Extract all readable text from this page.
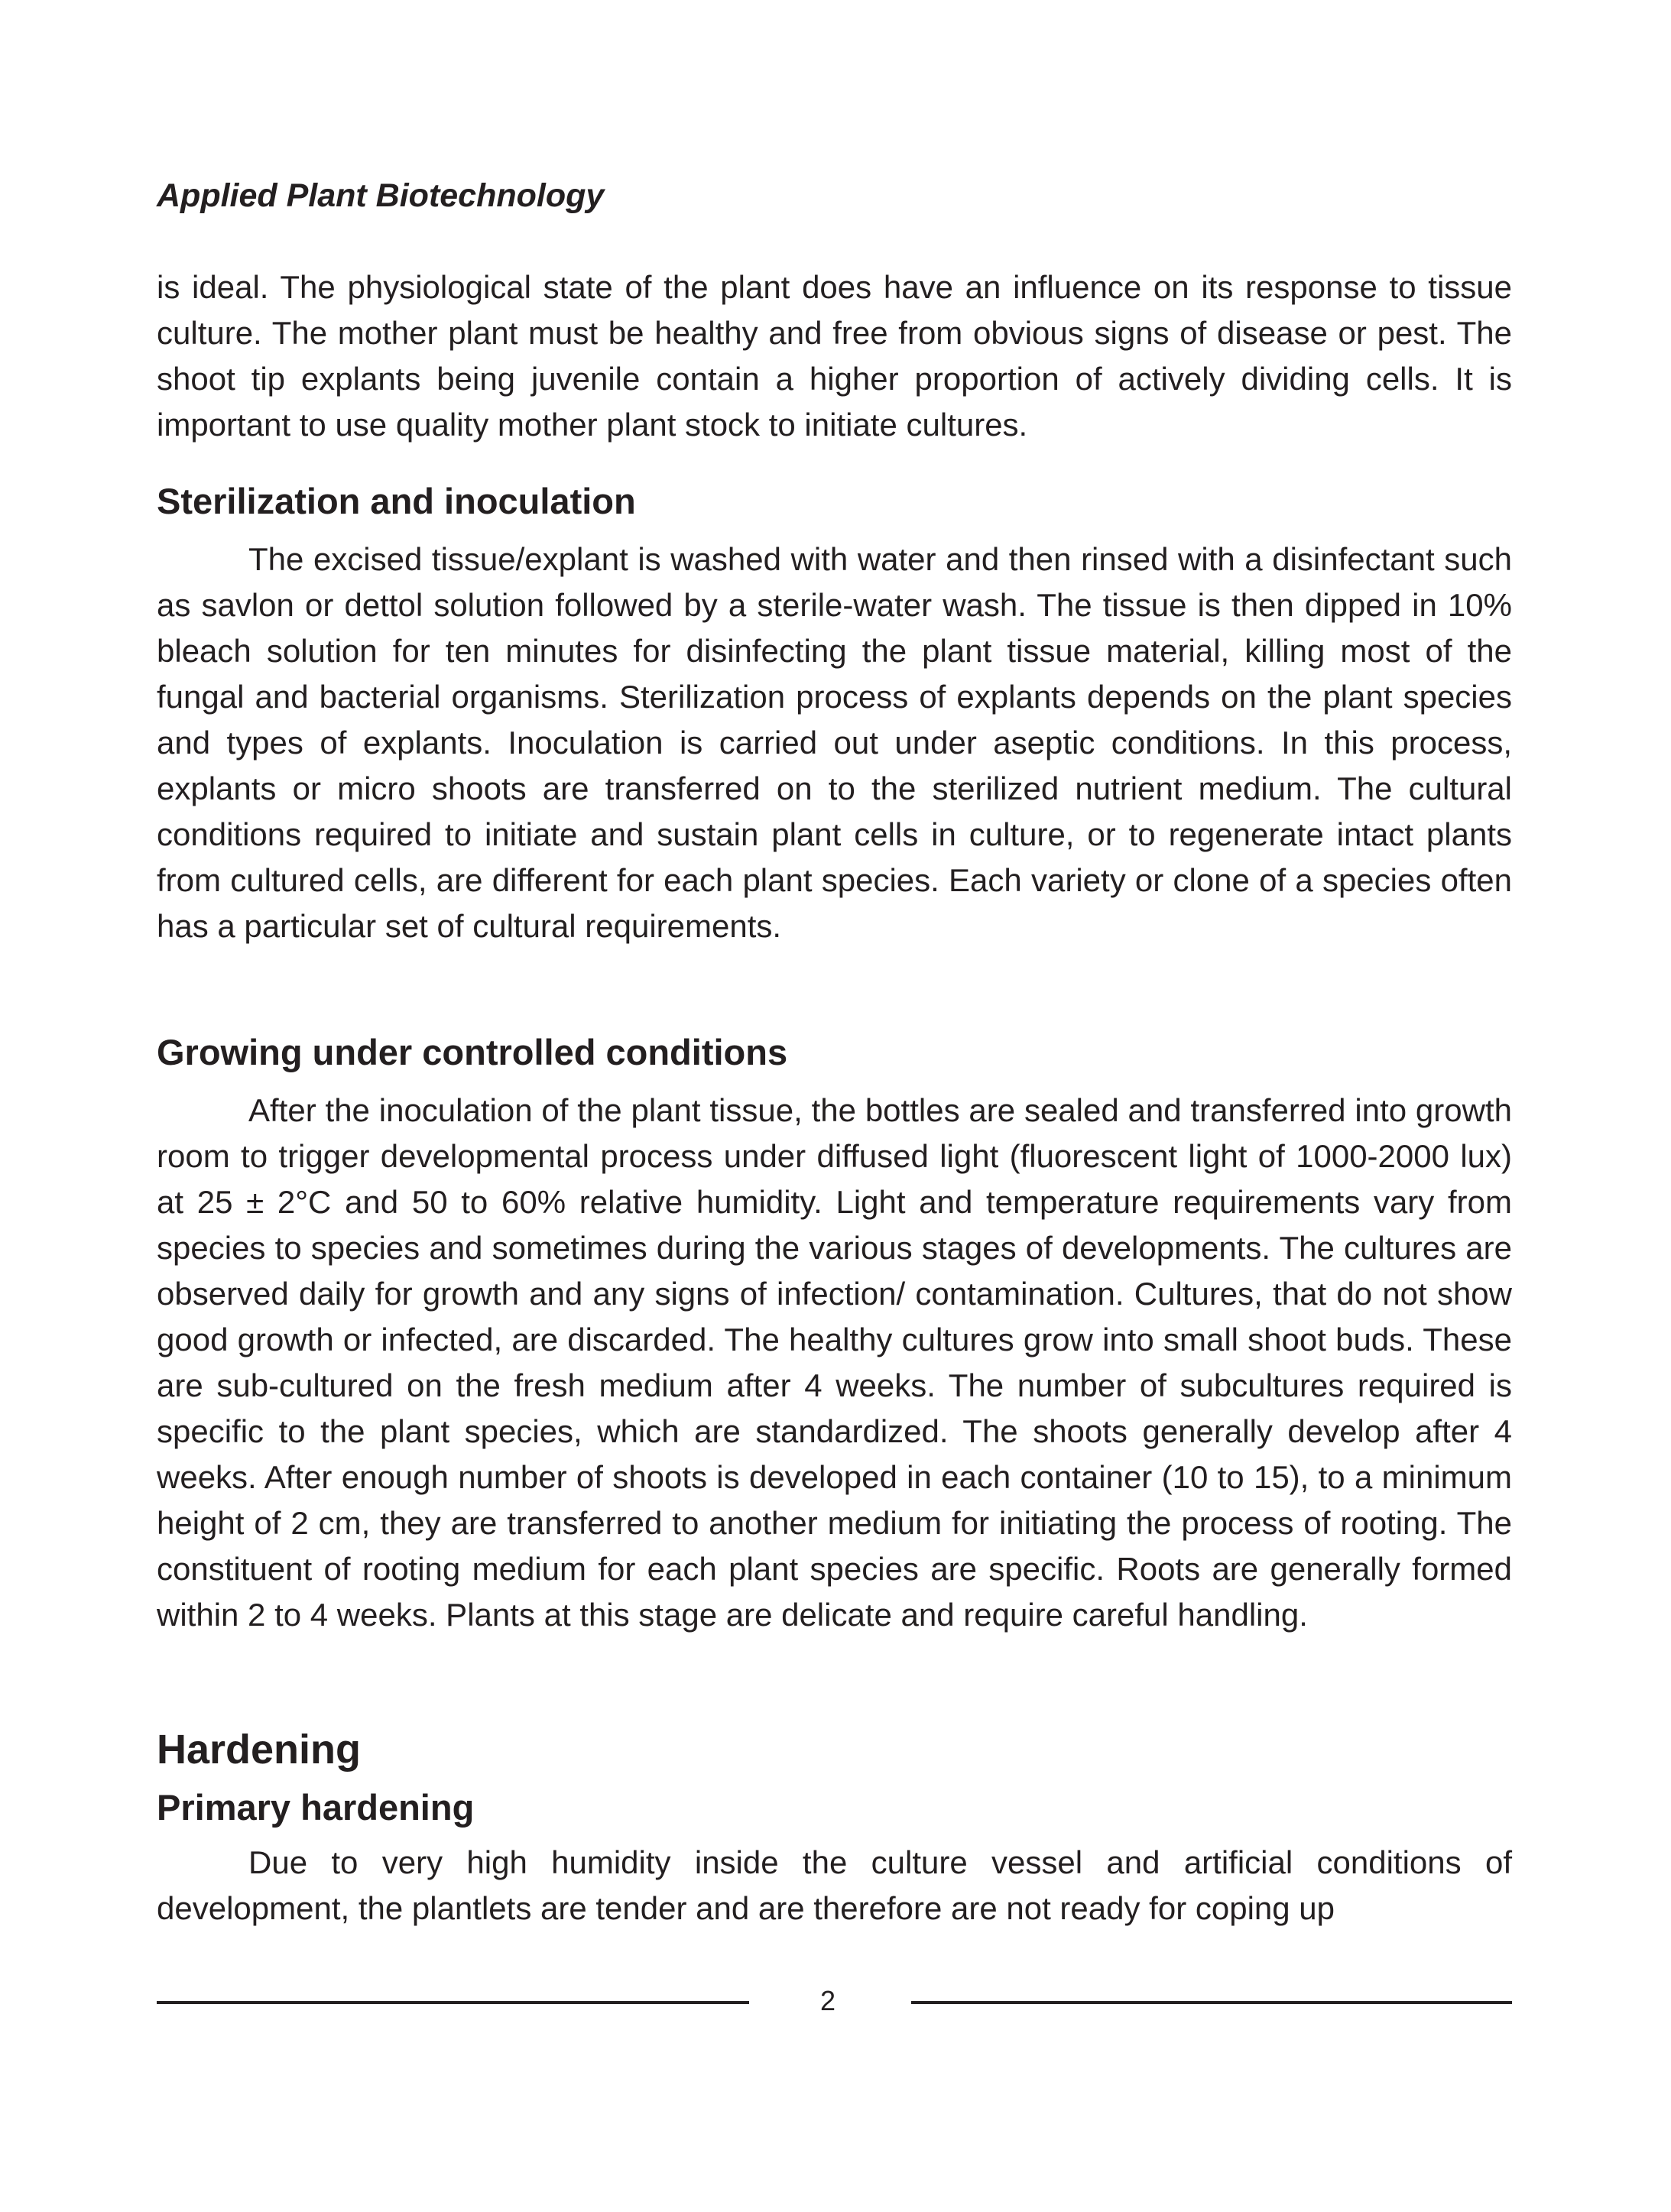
Applied Plant Biotechnology

is ideal. The physiological state of the plant does have an influence on its response to tissue culture. The mother plant must be healthy and free from obvious signs of disease or pest. The shoot tip explants being juvenile contain a higher proportion of actively dividing cells. It is important to use quality mother plant stock to initiate cultures.

Sterilization and inoculation

The excised tissue/explant is washed with water and then rinsed with a disinfectant such as savlon or dettol solution followed by a sterile-water wash. The tissue is then dipped in 10% bleach solution for ten minutes for disinfecting the plant tissue material, killing most of the fungal and bacterial organisms. Sterilization process of explants depends on the plant species and types of explants. Inoculation is carried out under aseptic conditions. In this process, explants or micro shoots are transferred on to the sterilized nutrient medium. The cultural conditions required to initiate and sustain plant cells in culture, or to regenerate intact plants from cultured cells, are different for each plant species. Each variety or clone of a species often has a particular set of cultural requirements.

Growing under controlled conditions

After the inoculation of the plant tissue, the bottles are sealed and transferred into growth room to trigger developmental process under diffused light (fluorescent light of 1000-2000 lux) at 25 ± 2°C and 50 to 60% relative humidity. Light and temperature requirements vary from species to species and sometimes during the various stages of developments. The cultures are observed daily for growth and any signs of infection/ contamination. Cultures, that do not show good growth or infected, are discarded. The healthy cultures grow into small shoot buds. These are sub-cultured on the fresh medium after 4 weeks. The number of subcultures required is specific to the plant species, which are standardized. The shoots generally develop after 4 weeks. After enough number of shoots is developed in each container (10 to 15), to a minimum height of 2 cm, they are transferred to another medium for initiating the process of rooting. The constituent of rooting medium for each plant species are specific. Roots are generally formed within 2 to 4 weeks. Plants at this stage are delicate and require careful handling.

Hardening
Primary hardening

Due to very high humidity inside the culture vessel and artificial conditions of development, the plantlets are tender and are therefore are not ready for coping up

2
